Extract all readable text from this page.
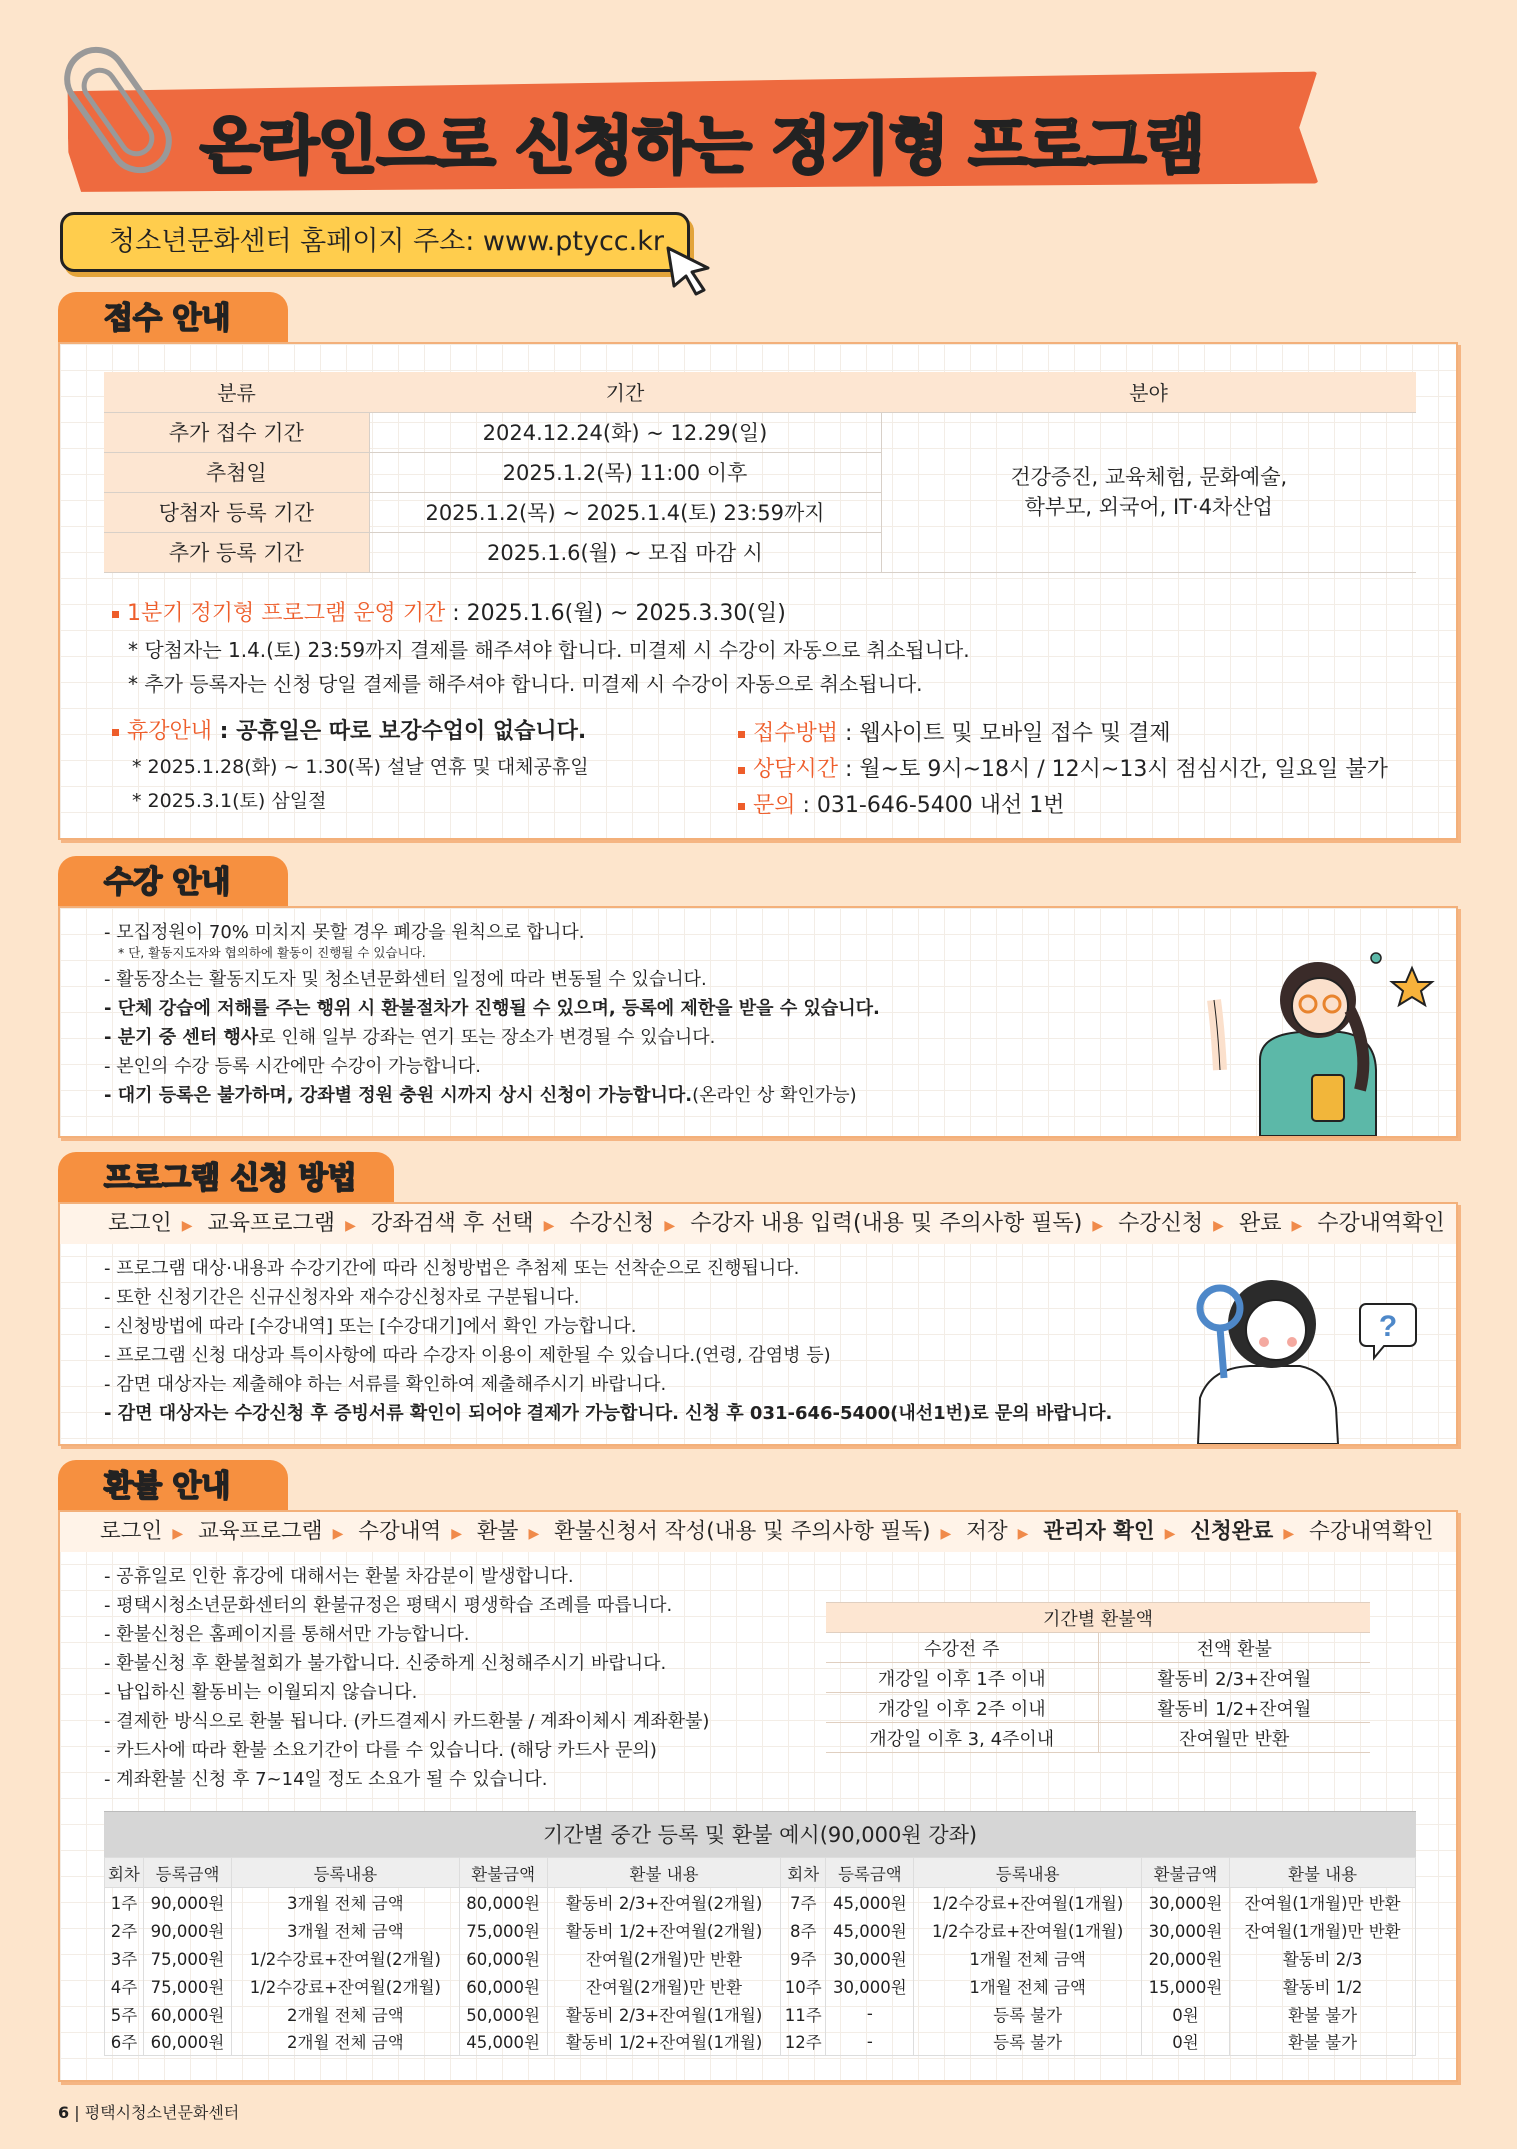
온라인으로 신청하는 정기형 프로그램
청소년문화센터 홈페이지 주소: www.ptycc.kr
접수 안내
분류	기간	분야
추가 접수 기간	2024.12.24(화) ~ 12.29(일)	건강증진, 교육체험, 문화예술,
학부모, 외국어, IT·4차산업

추첨일	2025.1.2(목) 11:00 이후	
당첨자 등록 기간	2025.1.2(목) ~ 2025.1.4(토) 23:59까지	
추가 등록 기간	2025.1.6(월) ~ 모집 마감 시	
1분기 정기형 프로그램 운영 기간 : 2025.1.6(월) ~ 2025.3.30(일)
* 당첨자는 1.4.(토) 23:59까지 결제를 해주셔야 합니다. 미결제 시 수강이 자동으로 취소됩니다.
* 추가 등록자는 신청 당일 결제를 해주셔야 합니다. 미결제 시 수강이 자동으로 취소됩니다.
휴강안내 : 공휴일은 따로 보강수업이 없습니다.
* 2025.1.28(화) ~ 1.30(목) 설날 연휴 및 대체공휴일
* 2025.3.1(토) 삼일절
접수방법 : 웹사이트 및 모바일 접수 및 결제
상담시간 : 월~토 9시~18시 / 12시~13시 점심시간, 일요일 불가
문의 : 031-646-5400 내선 1번
수강 안내
- 모집정원이 70% 미치지 못할 경우 폐강을 원칙으로 합니다.
* 단, 활동지도자와 협의하에 활동이 진행될 수 있습니다.
- 활동장소는 활동지도자 및 청소년문화센터 일정에 따라 변동될 수 있습니다.
- 단체 강습에 저해를 주는 행위 시 환불절차가 진행될 수 있으며, 등록에 제한을 받을 수 있습니다.
- 분기 중 센터 행사로 인해 일부 강좌는 연기 또는 장소가 변경될 수 있습니다.
- 본인의 수강 등록 시간에만 수강이 가능합니다.
- 대기 등록은 불가하며, 강좌별 정원 충원 시까지 상시 신청이 가능합니다.(온라인 상 확인가능)
프로그램 신청 방법
로그인 ▶ 교육프로그램 ▶ 강좌검색 후 선택 ▶ 수강신청 ▶ 수강자 내용 입력(내용 및 주의사항 필독) ▶ 수강신청 ▶ 완료 ▶ 수강내역확인
- 프로그램 대상·내용과 수강기간에 따라 신청방법은 추첨제 또는 선착순으로 진행됩니다.
- 또한 신청기간은 신규신청자와 재수강신청자로 구분됩니다.
- 신청방법에 따라 [수강내역] 또는 [수강대기]에서 확인 가능합니다.
- 프로그램 신청 대상과 특이사항에 따라 수강자 이용이 제한될 수 있습니다.(연령, 감염병 등)
- 감면 대상자는 제출해야 하는 서류를 확인하여 제출해주시기 바랍니다.
- 감면 대상자는 수강신청 후 증빙서류 확인이 되어야 결제가 가능합니다. 신청 후 031-646-5400(내선1번)로 문의 바랍니다.
?
환불 안내
로그인 ▶ 교육프로그램 ▶ 수강내역 ▶ 환불 ▶ 환불신청서 작성(내용 및 주의사항 필독) ▶ 저장 ▶ 관리자 확인 ▶ 신청완료 ▶ 수강내역확인
- 공휴일로 인한 휴강에 대해서는 환불 차감분이 발생합니다.
- 평택시청소년문화센터의 환불규정은 평택시 평생학습 조례를 따릅니다.
- 환불신청은 홈페이지를 통해서만 가능합니다.
- 환불신청 후 환불철회가 불가합니다. 신중하게 신청해주시기 바랍니다.
- 납입하신 활동비는 이월되지 않습니다.
- 결제한 방식으로 환불 됩니다. (카드결제시 카드환불 / 계좌이체시 계좌환불)
- 카드사에 따라 환불 소요기간이 다를 수 있습니다. (해당 카드사 문의)
- 계좌환불 신청 후 7~14일 정도 소요가 될 수 있습니다.
기간별 환불액	
수강전 주	전액 환불
개강일 이후 1주 이내	활동비 2/3+잔여월
개강일 이후 2주 이내	활동비 1/2+잔여월
개강일 이후 3, 4주이내	잔여월만 반환
기간별 중간 등록 및 환불 예시(90,000원 강좌)
회차	등록금액	등록내용	환불금액	환불 내용	회차	등록금액	등록내용	환불금액	환불 내용
1주	90,000원	3개월 전체 금액	80,000원	활동비 2/3+잔여월(2개월)	7주	45,000원	1/2수강료+잔여월(1개월)	30,000원	잔여월(1개월)만 반환
2주	90,000원	3개월 전체 금액	75,000원	활동비 1/2+잔여월(2개월)	8주	45,000원	1/2수강료+잔여월(1개월)	30,000원	잔여월(1개월)만 반환
3주	75,000원	1/2수강료+잔여월(2개월)	60,000원	잔여월(2개월)만 반환	9주	30,000원	1개월 전체 금액	20,000원	활동비 2/3
4주	75,000원	1/2수강료+잔여월(2개월)	60,000원	잔여월(2개월)만 반환	10주	30,000원	1개월 전체 금액	15,000원	활동비 1/2
5주	60,000원	2개월 전체 금액	50,000원	활동비 2/3+잔여월(1개월)	11주	-	등록 불가	0원	환불 불가
6주	60,000원	2개월 전체 금액	45,000원	활동비 1/2+잔여월(1개월)	12주	-	등록 불가	0원	환불 불가
6 | 평택시청소년문화센터
